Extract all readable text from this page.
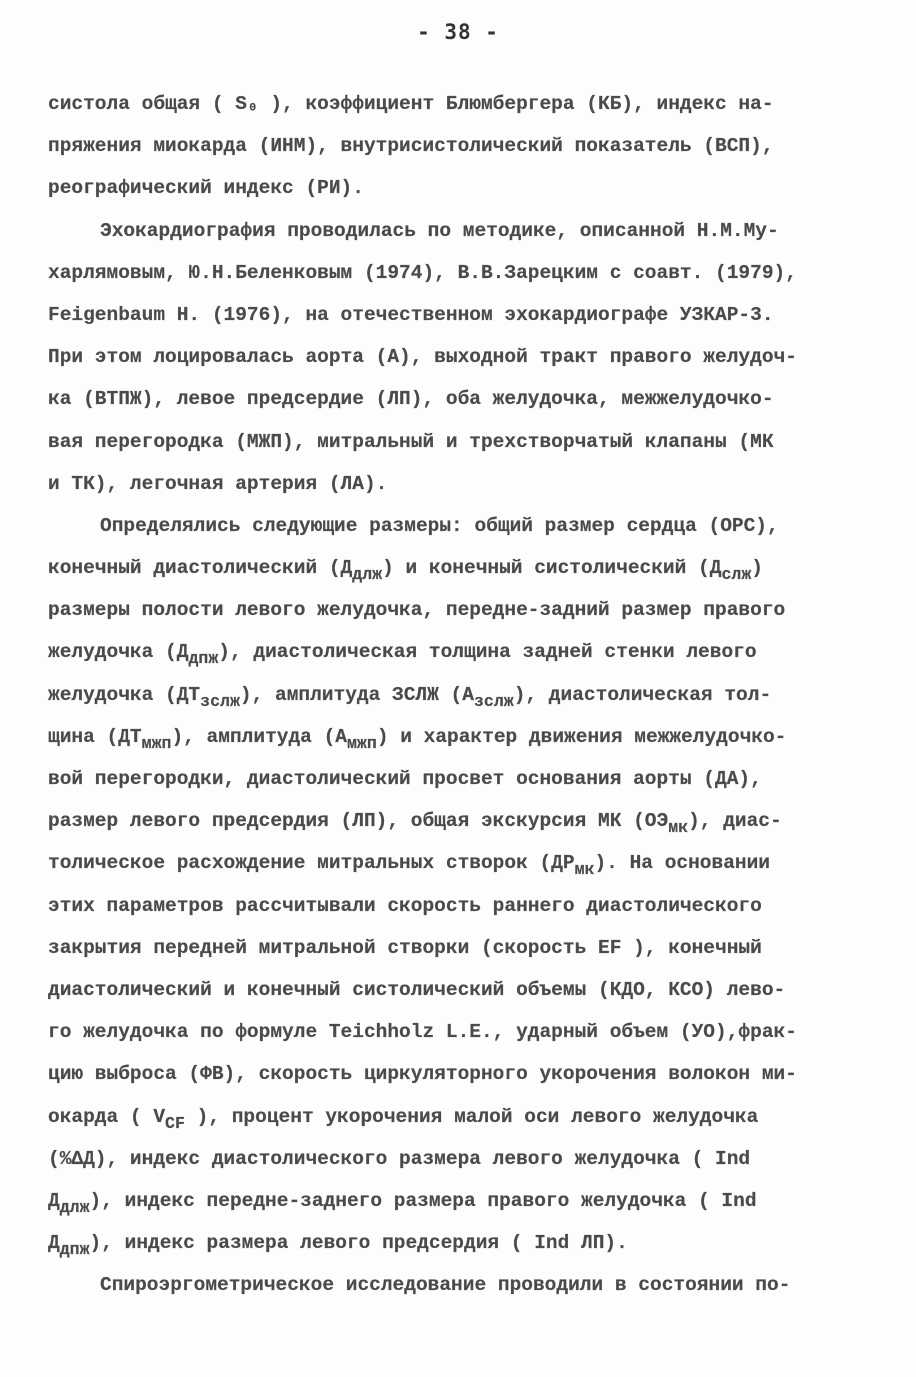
- 38 -
систола общая ( S₀ ), коэффициент Блюмбергера (КБ), индекс на-
пряжения миокарда (ИНМ), внутрисистолический показатель (ВСП),
реографический индекс (РИ).
Эхокардиография проводилась по методике, описанной Н.М.Му-
харлямовым, Ю.Н.Беленковым (1974), В.В.Зарецким с соавт. (1979),
Feigenbaum H. (1976), на отечественном эхокардиографе УЗКАР-3.
При этом лоцировалась аорта (А), выходной тракт правого желудоч-
ка (ВТПЖ), левое предсердие (ЛП), оба желудочка, межжелудочко-
вая перегородка (МЖП), митральный и трехстворчатый клапаны (МК
и ТК), легочная артерия (ЛА).
Определялись следующие размеры: общий размер сердца (ОРС),
конечный диастолический $(Д_{длж})$ и конечный систолический $(Д_{слж})$
размеры полости левого желудочка, передне-задний размер правого
желудочка $(Д_{дпж})$, диастолическая толщина задней стенки левого
желудочка $(ДТ_{зслж})$, амплитуда ЗСЛЖ $(А_{зслж})$, диастолическая тол-
щина $(ДТ_{мжп})$, амплитуда $(А_{мжп})$ и характер движения межжелудочко-
вой перегородки, диастолический просвет основания аорты (ДА),
размер левого предсердия (ЛП), общая экскурсия МК $(ОЭ_{мк})$, диас-
толическое расхождение митральных створок $(ДР_{мк})$. На основании
этих параметров рассчитывали скорость раннего диастолического
закрытия передней митральной створки (скорость EF ), конечный
диастолический и конечный систолический объемы (КДО, КСО) лево-
го желудочка по формуле Teichholz L.E., ударный объем (УО),фрак-
цию выброса (ФВ), скорость циркуляторного укорочения волокон ми-
окарда ( $V_{CF}$ ), процент укорочения малой оси левого желудочка
(%ΔД), индекс диастолического размера левого желудочка ( Ind
$Д_{длж}$), индекс передне-заднего размера правого желудочка ( Ind
$Д_{дпж}$), индекс размера левого предсердия ( Ind ЛП).
Спироэргометрическое исследование проводили в состоянии по-
